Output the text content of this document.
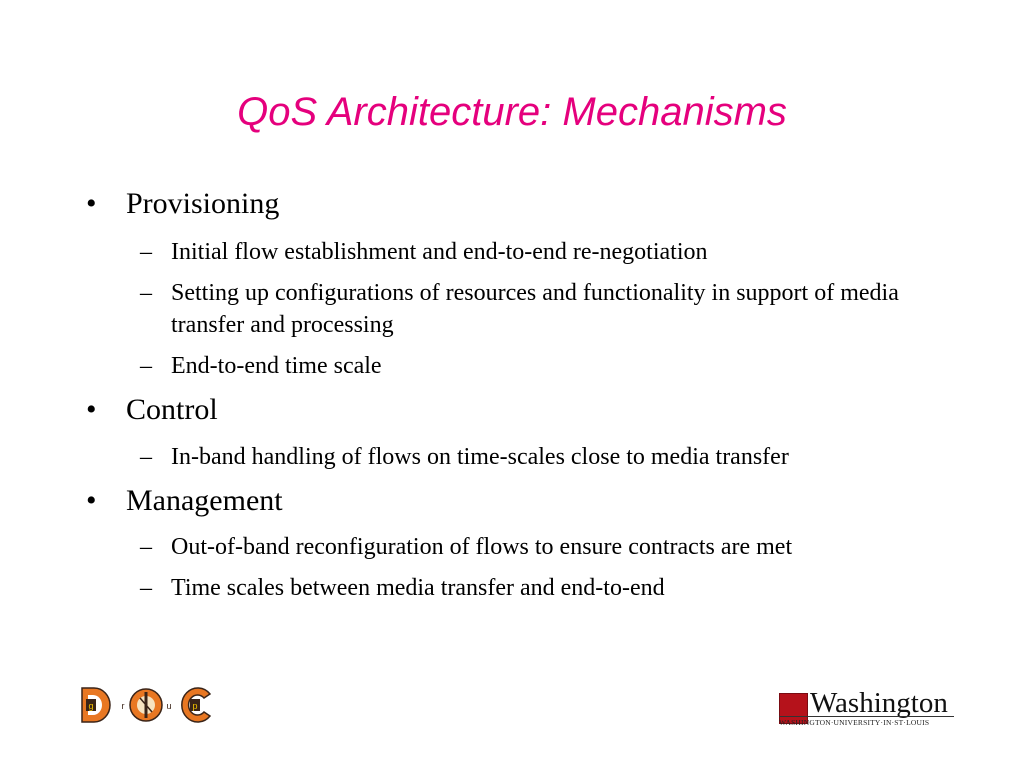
QoS Architecture: Mechanisms
• Provisioning
– Initial flow establishment and end-to-end re-negotiation
– Setting up configurations of resources and functionality in support of media transfer and processing
– End-to-end time scale
• Control
– In-band handling of flows on time-scales close to media transfer
• Management
– Out-of-band reconfiguration of flows to ensure contracts are met
– Time scales between media transfer and end-to-end
g	r	u p	Washington
WASHINGTON·UNIVERSITY·IN·ST·LOUIS
